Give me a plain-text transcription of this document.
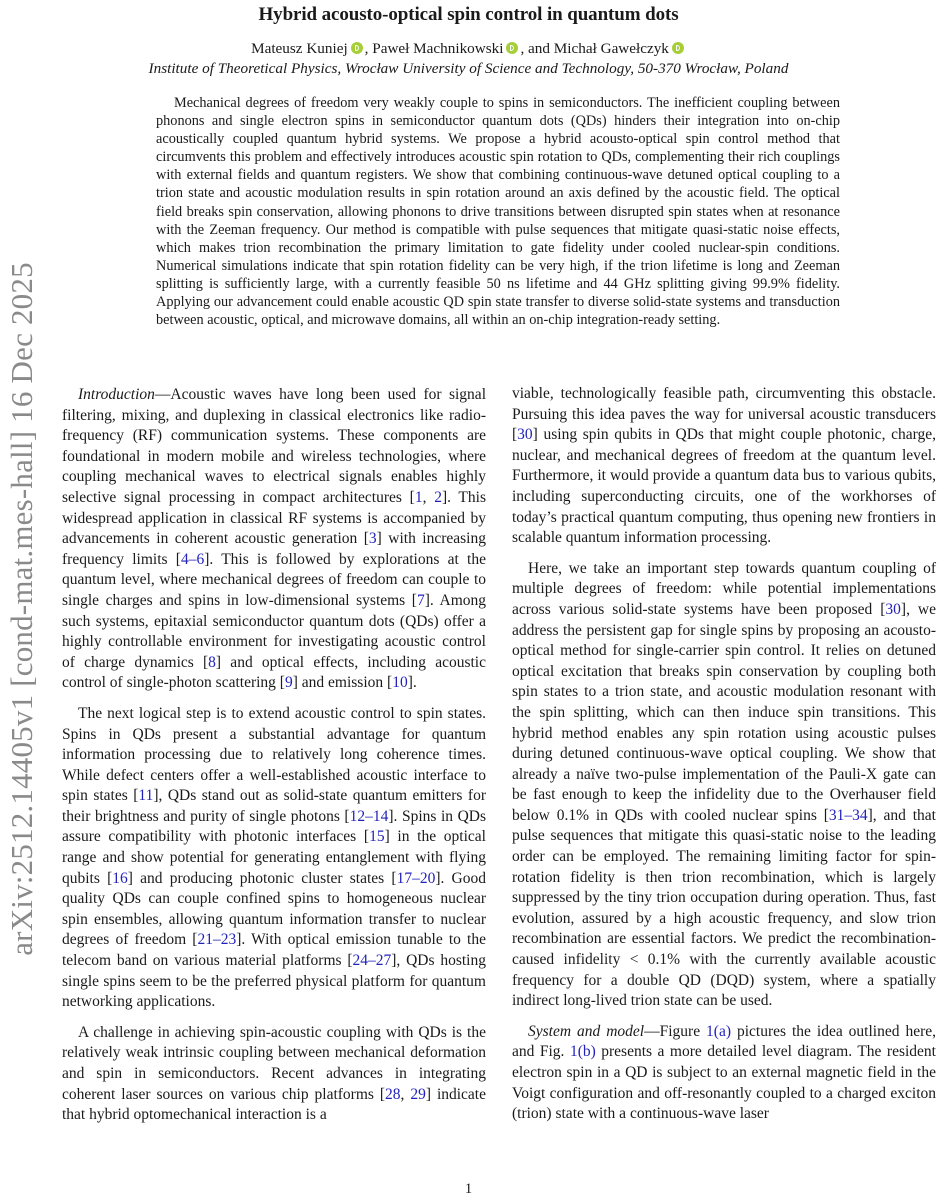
arXiv:2512.14405v1 [cond-mat.mes-hall] 16 Dec 2025
Hybrid acousto-optical spin control in quantum dots
Mateusz Kuniej , Paweł Machnikowski , and Michał Gawełczyk
Institute of Theoretical Physics, Wrocław University of Science and Technology, 50-370 Wrocław, Poland
Mechanical degrees of freedom very weakly couple to spins in semiconductors. The inefficient coupling between phonons and single electron spins in semiconductor quantum dots (QDs) hinders their integration into on-chip acoustically coupled quantum hybrid systems. We propose a hybrid acousto-optical spin control method that circumvents this problem and effectively introduces acoustic spin rotation to QDs, complementing their rich couplings with external fields and quantum registers. We show that combining continuous-wave detuned optical coupling to a trion state and acoustic modulation results in spin rotation around an axis defined by the acoustic field. The optical field breaks spin conservation, allowing phonons to drive transitions between disrupted spin states when at resonance with the Zeeman frequency. Our method is compatible with pulse sequences that mitigate quasi-static noise effects, which makes trion recombination the primary limitation to gate fidelity under cooled nuclear-spin conditions. Numerical simulations indicate that spin rotation fidelity can be very high, if the trion lifetime is long and Zeeman splitting is sufficiently large, with a currently feasible 50 ns lifetime and 44 GHz splitting giving 99.9% fidelity. Applying our advancement could enable acoustic QD spin state transfer to diverse solid-state systems and transduction between acoustic, optical, and microwave domains, all within an on-chip integration-ready setting.

Introduction—Acoustic waves have long been used for signal filtering, mixing, and duplexing in classical electronics like radio-frequency (RF) communication systems. These components are foundational in modern mobile and wireless technologies, where coupling mechanical waves to electrical signals enables highly selective signal processing in compact architectures [1, 2]. This widespread application in classical RF systems is accompanied by advancements in coherent acoustic generation [3] with increasing frequency limits [4–6]. This is followed by explorations at the quantum level, where mechanical degrees of freedom can couple to single charges and spins in low-dimensional systems [7]. Among such systems, epitaxial semiconductor quantum dots (QDs) offer a highly controllable environment for investigating acoustic control of charge dynamics [8] and optical effects, including acoustic control of single-photon scattering [9] and emission [10].

The next logical step is to extend acoustic control to spin states. Spins in QDs present a substantial advantage for quantum information processing due to relatively long coherence times. While defect centers offer a well-established acoustic interface to spin states [11], QDs stand out as solid-state quantum emitters for their brightness and purity of single photons [12–14]. Spins in QDs assure compatibility with photonic interfaces [15] in the optical range and show potential for generating entanglement with flying qubits [16] and producing photonic cluster states [17–20]. Good quality QDs can couple confined spins to homogeneous nuclear spin ensembles, allowing quantum information transfer to nuclear degrees of freedom [21–23]. With optical emission tunable to the telecom band on various material platforms [24–27], QDs hosting single spins seem to be the preferred physical platform for quantum networking applications.

A challenge in achieving spin-acoustic coupling with QDs is the relatively weak intrinsic coupling between mechanical deformation and spin in semiconductors. Recent advances in integrating coherent laser sources on various chip platforms [28, 29] indicate that hybrid optomechanical interaction is a

viable, technologically feasible path, circumventing this obstacle. Pursuing this idea paves the way for universal acoustic transducers [30] using spin qubits in QDs that might couple photonic, charge, nuclear, and mechanical degrees of freedom at the quantum level. Furthermore, it would provide a quantum data bus to various qubits, including superconducting circuits, one of the workhorses of today’s practical quantum computing, thus opening new frontiers in scalable quantum information processing.

Here, we take an important step towards quantum coupling of multiple degrees of freedom: while potential implementations across various solid-state systems have been proposed [30], we address the persistent gap for single spins by proposing an acousto-optical method for single-carrier spin control. It relies on detuned optical excitation that breaks spin conservation by coupling both spin states to a trion state, and acoustic modulation resonant with the spin splitting, which can then induce spin transitions. This hybrid method enables any spin rotation using acoustic pulses during detuned continuous-wave optical coupling. We show that already a naïve two-pulse implementation of the Pauli-X gate can be fast enough to keep the infidelity due to the Overhauser field below 0.1% in QDs with cooled nuclear spins [31–34], and that pulse sequences that mitigate this quasi-static noise to the leading order can be employed. The remaining limiting factor for spin-rotation fidelity is then trion recombination, which is largely suppressed by the tiny trion occupation during operation. Thus, fast evolution, assured by a high acoustic frequency, and slow trion recombination are essential factors. We predict the recombination-caused infidelity < 0.1% with the currently available acoustic frequency for a double QD (DQD) system, where a spatially indirect long-lived trion state can be used.

System and model—Figure 1(a) pictures the idea outlined here, and Fig. 1(b) presents a more detailed level diagram. The resident electron spin in a QD is subject to an external magnetic field in the Voigt configuration and off-resonantly coupled to a charged exciton (trion) state with a continuous-wave laser

1
